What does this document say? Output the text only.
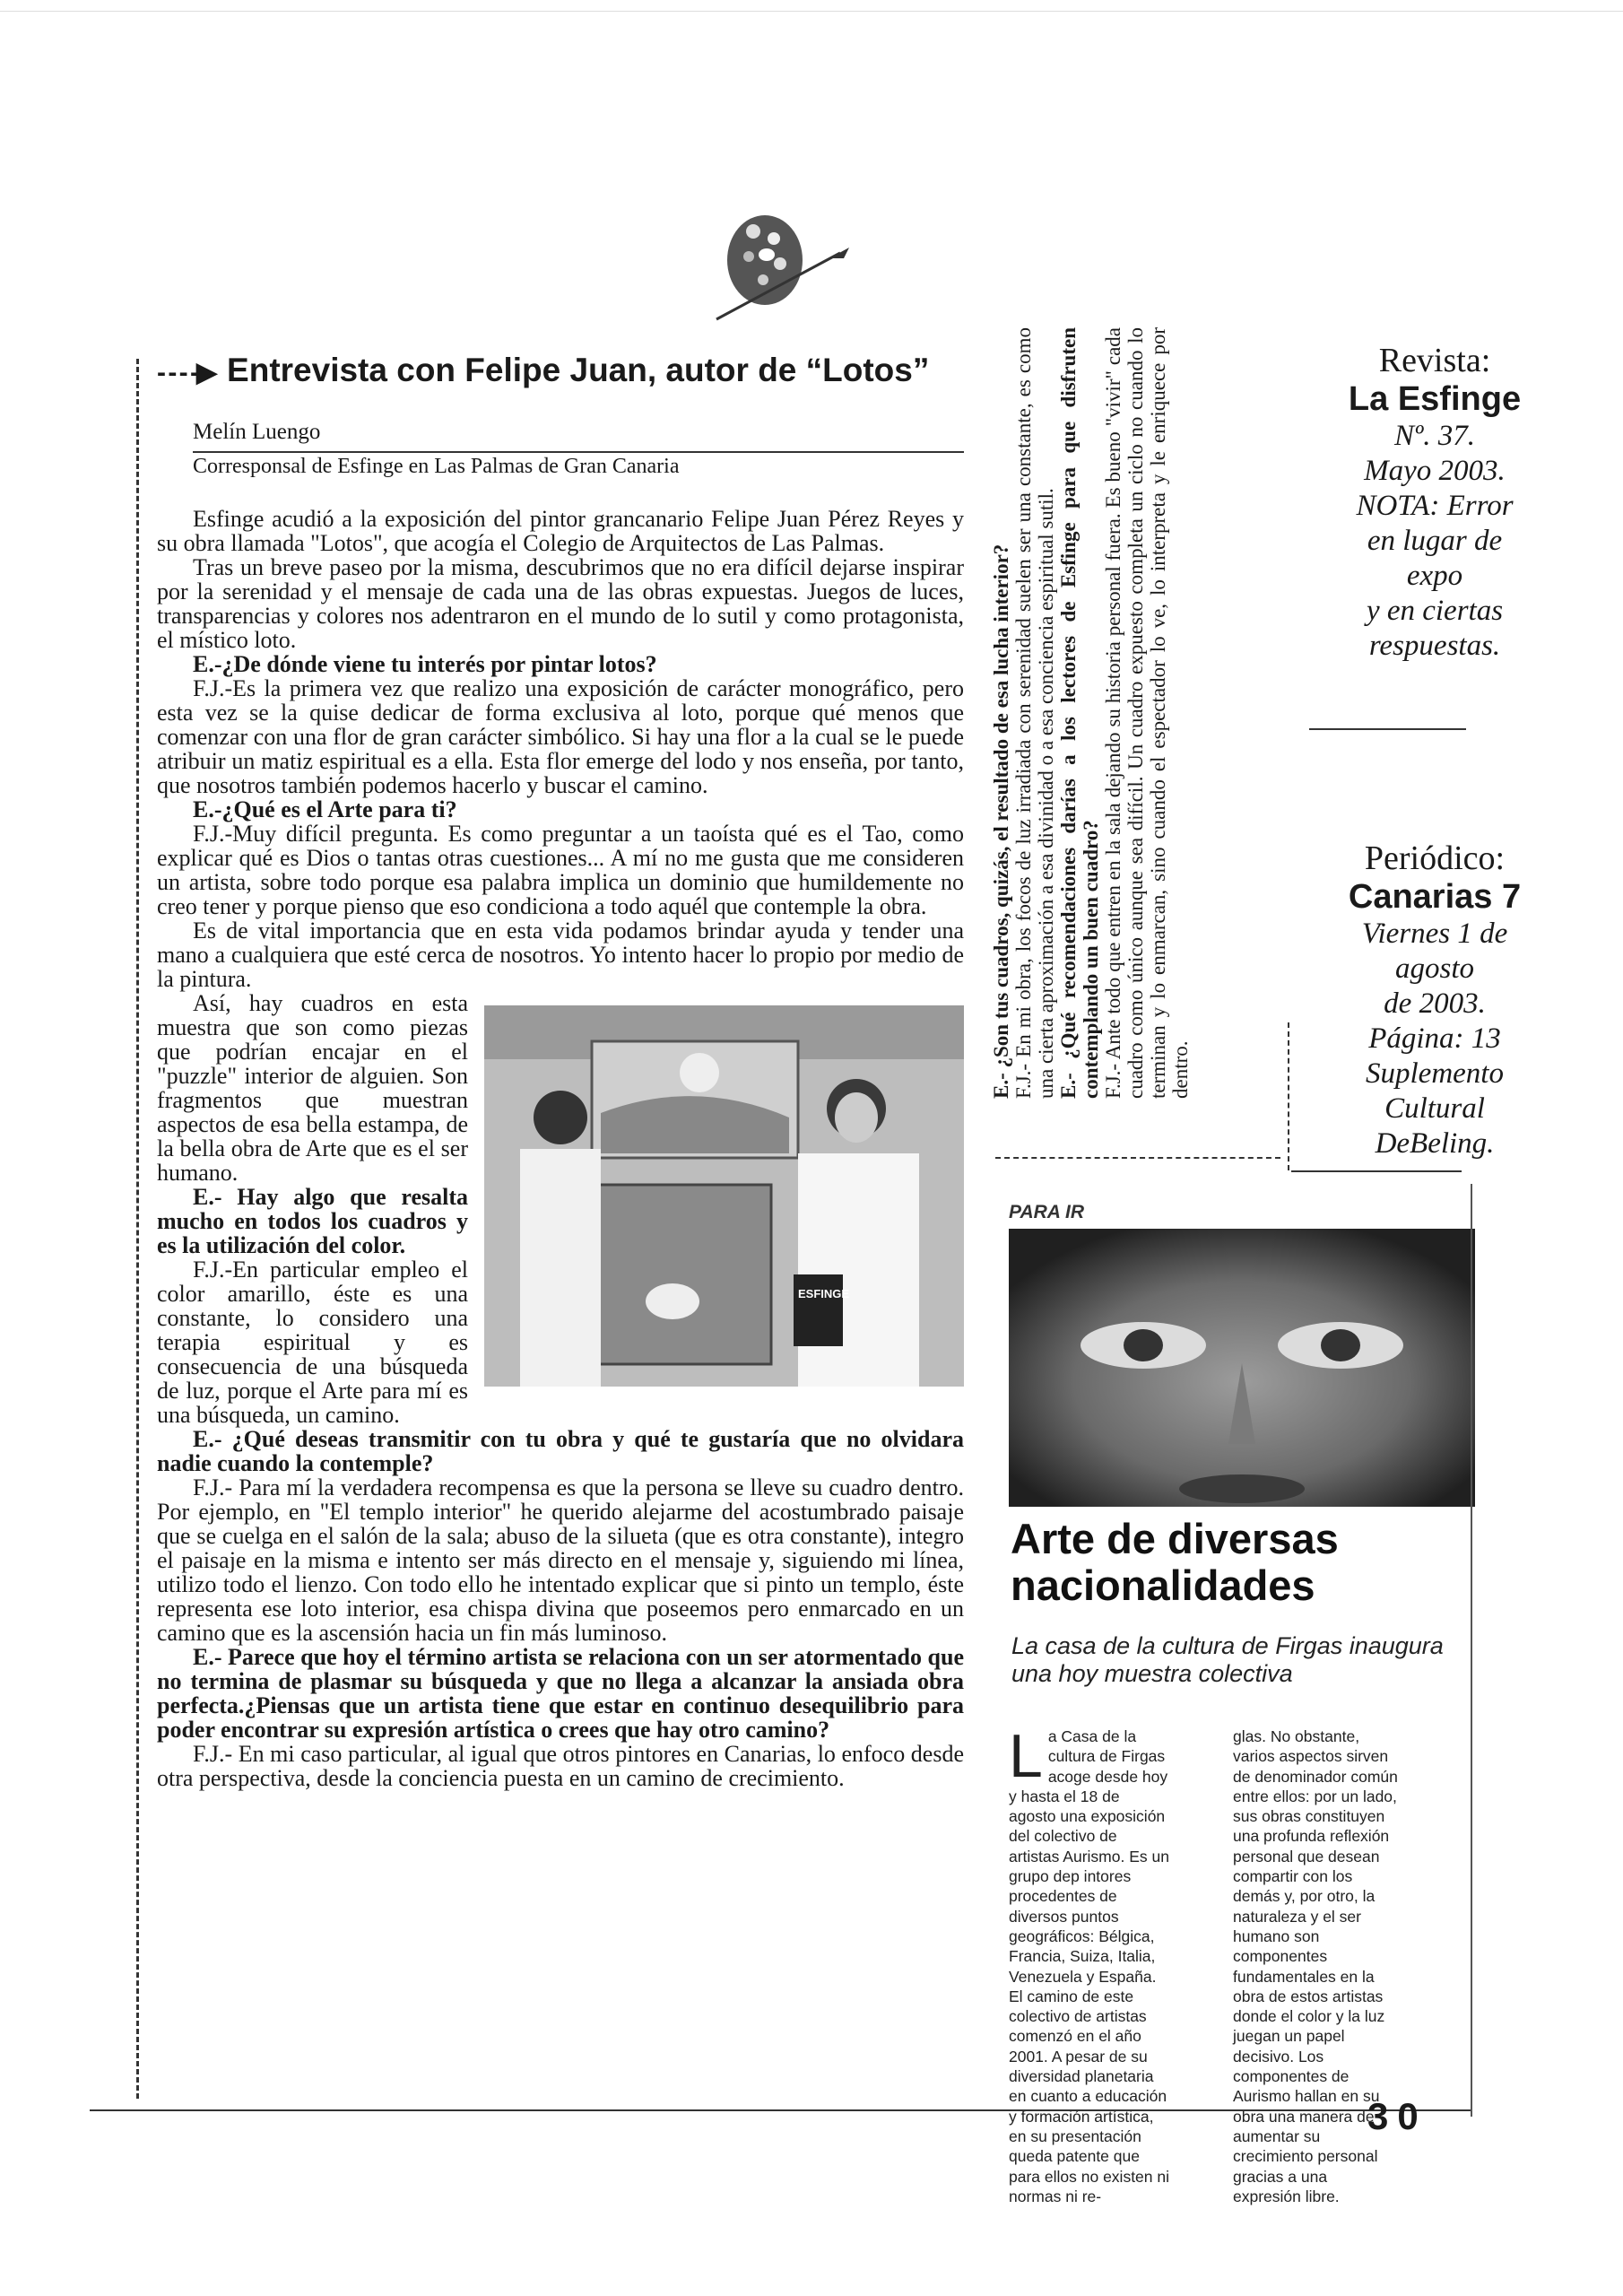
- - - -▶ Entrevista con Felipe Juan, autor de “Lotos”
Melín Luengo
Corresponsal de Esfinge en Las Palmas de Gran Canaria

Esfinge acudió a la exposición del pintor grancanario Felipe Juan Pérez Reyes y su obra llamada "Lotos", que acogía el Colegio de Arquitectos de Las Palmas.

Tras un breve paseo por la misma, descubrimos que no era difícil dejarse inspirar por la serenidad y el mensaje de cada una de las obras expuestas. Juegos de luces, transparencias y colores nos adentraron en el mundo de lo sutil y como protagonista, el místico loto.

E.-¿De dónde viene tu interés por pintar lotos?

F.J.-Es la primera vez que realizo una exposición de carácter monográfico, pero esta vez se la quise dedicar de forma exclusiva al loto, porque qué menos que comenzar con una flor de gran carácter simbólico. Si hay una flor a la cual se le puede atribuir un matiz espiritual es a ella. Esta flor emerge del lodo y nos enseña, por tanto, que nosotros también podemos hacerlo y buscar el camino.

E.-¿Qué es el Arte para ti?

F.J.-Muy difícil pregunta. Es como preguntar a un taoísta qué es el Tao, como explicar qué es Dios o tantas otras cuestiones... A mí no me gusta que me consideren un artista, sobre todo porque esa palabra implica un dominio que humildemente no creo tener y porque pienso que eso condiciona a todo aquél que contemple la obra.

Es de vital importancia que en esta vida podamos brindar ayuda y tender una mano a cualquiera que esté cerca de nosotros. Yo intento hacer lo propio por medio de la pintura.

ESFINGE

Así, hay cuadros en esta muestra que son como piezas que podrían encajar en el "puzzle" interior de alguien. Son fragmentos que muestran aspectos de esa bella estampa, de la bella obra de Arte que es el ser humano.

E.- Hay algo que resalta mucho en todos los cuadros y es la utilización del color.

F.J.-En particular empleo el color amarillo, éste es una constante, lo considero una terapia espiritual y es consecuencia de una búsqueda de luz, porque el Arte para mí es una búsqueda, un camino.

E.- ¿Qué deseas transmitir con tu obra y qué te gustaría que no olvidara nadie cuando la contemple?

F.J.- Para mí la verdadera recompensa es que la persona se lleve su cuadro dentro. Por ejemplo, en "El templo interior" he querido alejarme del acostumbrado paisaje que se cuelga en el salón de la sala; abuso de la silueta (que es otra constante), integro el paisaje en la misma e intento ser más directo en el mensaje y, siguiendo mi línea, utilizo todo el lienzo. Con todo ello he intentado explicar que si pinto un templo, éste representa ese loto interior, esa chispa divina que poseemos pero enmarcado en un camino que es la ascensión hacia un fin más luminoso.

E.- Parece que hoy el término artista se relaciona con un ser atormentado que no termina de plasmar su búsqueda y que no llega a alcanzar la ansiada obra perfecta.¿Piensas que un artista tiene que estar en continuo desequilibrio para poder encontrar su expresión artística o crees que hay otro camino?

F.J.- En mi caso particular, al igual que otros pintores en Canarias, lo enfoco desde otra perspectiva, desde la conciencia puesta en un camino de crecimiento.

E.- ¿Son tus cuadros, quizás, el resultado de esa lucha interior? F.J.- En mi obra, los focos de luz irradiada con serenidad suelen ser una constante, es como una cierta aproximación a esa divinidad o a esa conciencia espiritual sutil. E.- ¿Qué recomendaciones darías a los lectores de Esfinge para que disfruten contemplando un buen cuadro? F.J.- Ante todo que entren en la sala dejando su historia personal fuera. Es bueno "vivir" cada cuadro como único aunque sea difícil. Un cuadro expuesto completa un ciclo no cuando lo terminan y lo enmarcan, sino cuando el espectador lo ve, lo interpreta y le enriquece por dentro.

Revista:
La Esfinge
Nº. 37.
Mayo 2003.
NOTA: Error
en lugar de
expo
y en ciertas
respuestas.
Periódico:
Canarias 7
Viernes 1 de
agosto
de 2003.
Página: 13
Suplemento
Cultural
DeBeling.
PARA IR
Arte de diversas
nacionalidades
La casa de la cultura de Firgas inaugura una hoy muestra colectiva
La Casa de la cultura de Firgas acoge desde hoy y hasta el 18 de agosto una exposición del colectivo de artistas Aurismo. Es un grupo dep intores procedentes de diversos puntos geográficos: Bélgica, Francia, Suiza, Italia, Venezuela y España. El camino de este colectivo de artistas comenzó en el año 2001. A pesar de su diversidad planetaria en cuanto a educación y formación artística, en su presentación queda patente que para ellos no existen ni normas ni re-
glas. No obstante, varios aspectos sirven de denominador común entre ellos: por un lado, sus obras constituyen una profunda reflexión personal que desean compartir con los demás y, por otro, la naturaleza y el ser humano son componentes fundamentales en la obra de estos artistas donde el color y la luz juegan un papel decisivo. Los componentes de Aurismo hallan en su obra una manera de aumentar su crecimiento personal gracias a una expresión libre.
30
